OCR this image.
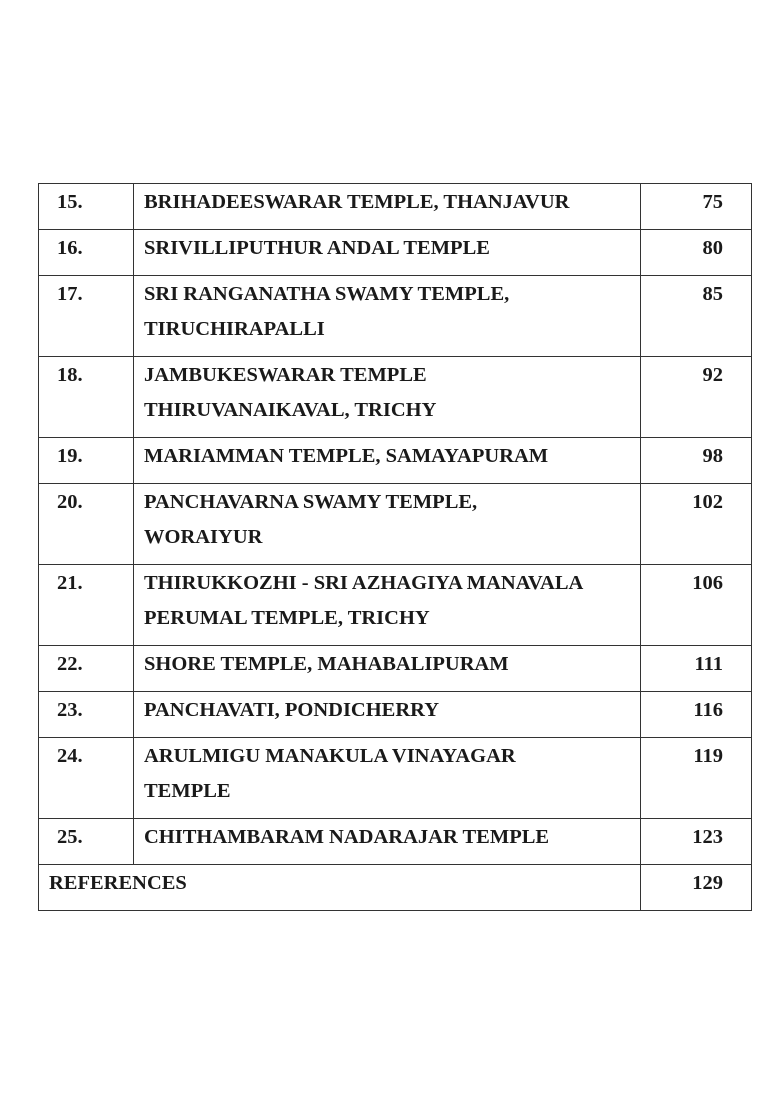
15.	BRIHADEESWARAR TEMPLE, THANJAVUR	75

16.	SRIVILLIPUTHUR ANDAL TEMPLE	80

17.	SRI RANGANATHA SWAMY TEMPLE,
TIRUCHIRAPALLI	85

18.	JAMBUKESWARAR TEMPLE
THIRUVANAIKAVAL, TRICHY	92

19.	MARIAMMAN TEMPLE, SAMAYAPURAM	98

20.	PANCHAVARNA SWAMY TEMPLE,
WORAIYUR	102

21.	THIRUKKOZHI - SRI AZHAGIYA MANAVALA
PERUMAL TEMPLE, TRICHY	106

22.	SHORE TEMPLE, MAHABALIPURAM	111

23.	PANCHAVATI, PONDICHERRY	116

24.	ARULMIGU MANAKULA VINAYAGAR
TEMPLE	119

25.	CHITHAMBARAM NADARAJAR TEMPLE	123

REFERENCES		129
